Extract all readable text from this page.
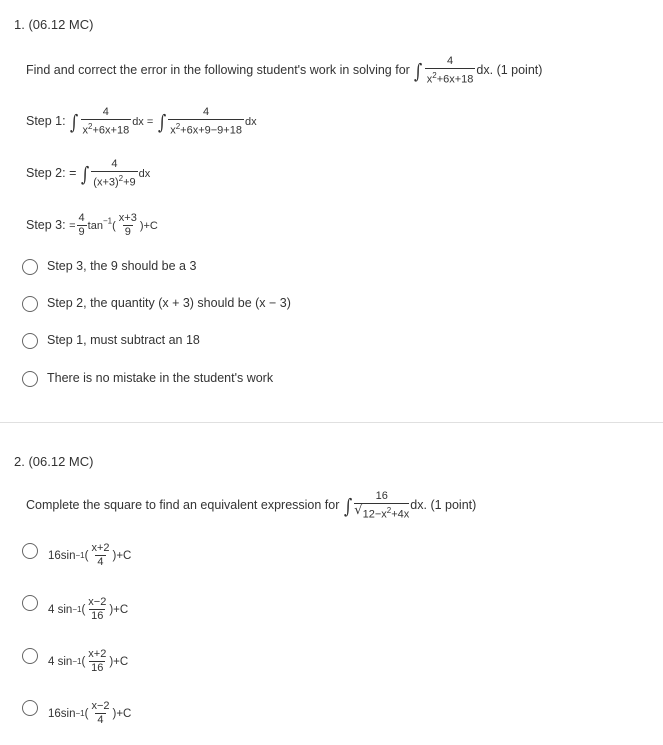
1. (06.12 MC)
Find and correct the error in the following student's work in solving for ∫ $\frac{4}{x^2+6x+18}$ dx. (1 point)
Step 1: ∫ $\frac{4}{x^2+6x+18}$ dx = ∫ $\frac{4}{x^2+6x+9-9+18}$ dx
Step 2: = ∫ $\frac{4}{(x+3)^2+9}$ dx
Step 3: = $\frac{4}{9} \tan^{-1}( \frac{x+3}{9} )+C$
Step 3, the 9 should be a 3
Step 2, the quantity (x + 3) should be (x − 3)
Step 1, must subtract an 18
There is no mistake in the student's work
2. (06.12 MC)
Complete the square to find an equivalent expression for ∫ $\frac{16}{√ 12-x^2+4x}$ dx. (1 point)
16 sin −1 ( $\frac{x+2}{4} )+C$
4
sin −1 ( $\frac{x-2}{16} )+C$
4
sin −1 ( $\frac{x+2}{16} )+C$
16 sin −1 ( $\frac{x-2}{4} )+C$
